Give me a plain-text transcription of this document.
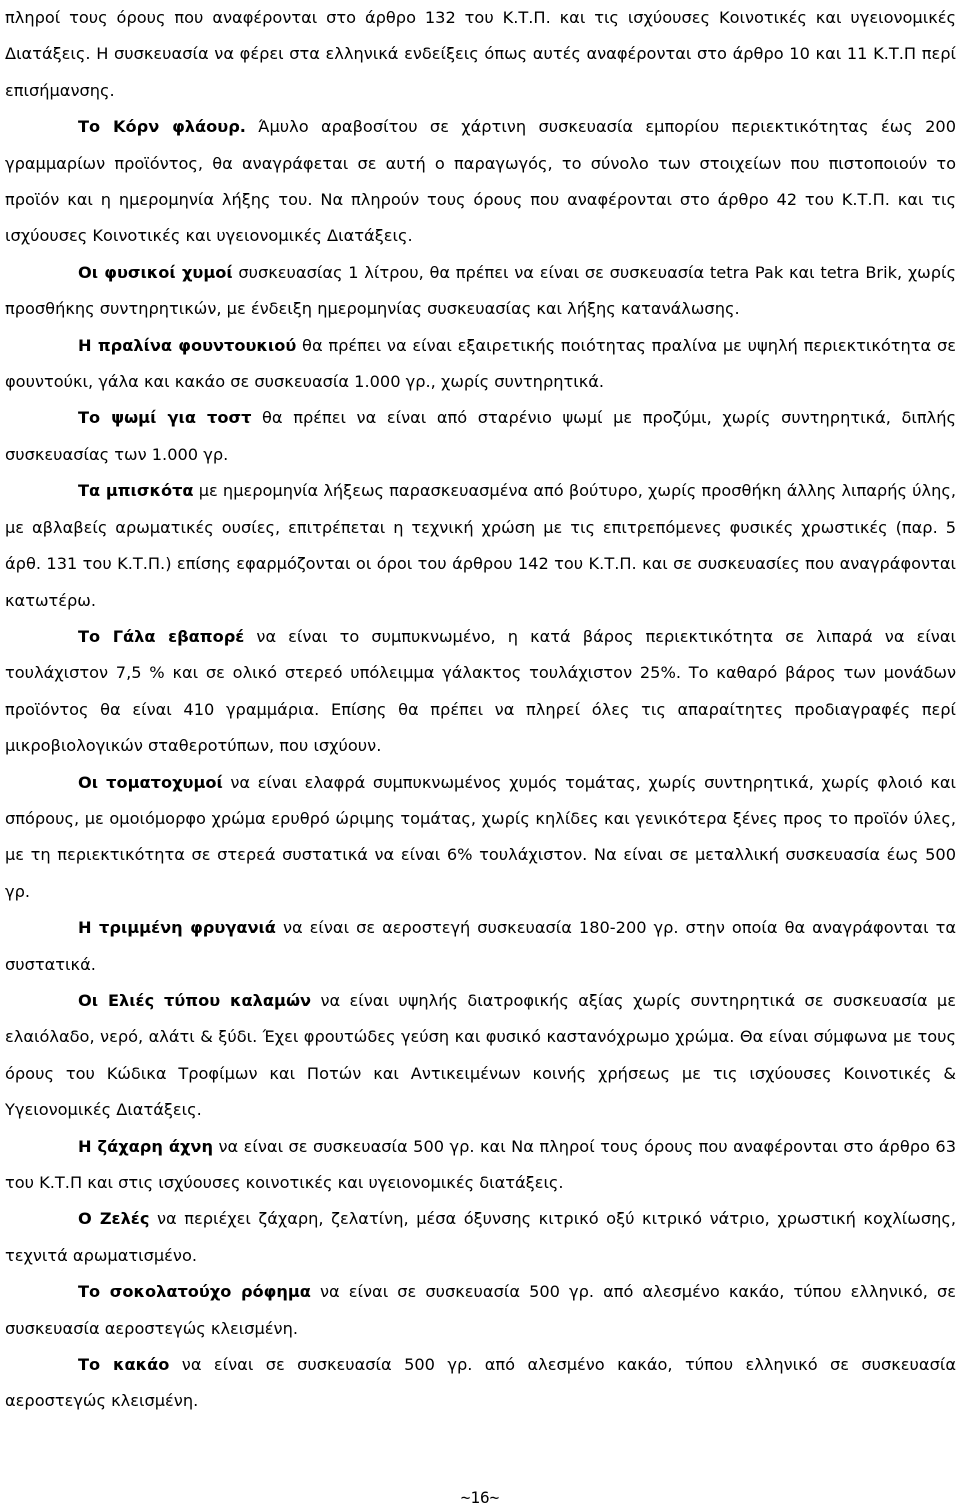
πληροί τους όρους που αναφέρονται στο άρθρο 132 του Κ.Τ.Π. και τις ισχύουσες Κοινοτικές και υγειονομικές Διατάξεις. Η συσκευασία να φέρει στα ελληνικά ενδείξεις όπως αυτές αναφέρονται στο άρθρο 10 και 11 Κ.Τ.Π περί επισήμανσης.

Το Κόρν φλάουρ. Άμυλο αραβοσίτου σε χάρτινη συσκευασία εμπορίου περιεκτικότητας έως 200 γραμμαρίων προϊόντος, θα αναγράφεται σε αυτή ο παραγωγός, το σύνολο των στοιχείων που πιστοποιούν το προϊόν και η ημερομηνία λήξης του. Να πληρούν τους όρους που αναφέρονται στο άρθρο 42 του Κ.Τ.Π. και τις ισχύουσες Κοινοτικές και υγειονομικές Διατάξεις.

Οι φυσικοί χυμοί συσκευασίας 1 λίτρου, θα πρέπει να είναι σε συσκευασία tetra Pak και tetra Brik, χωρίς προσθήκης συντηρητικών, με ένδειξη ημερομηνίας συσκευασίας και λήξης κατανάλωσης.

Η πραλίνα φουντουκιού θα πρέπει να είναι εξαιρετικής ποιότητας πραλίνα με υψηλή περιεκτικότητα σε φουντούκι, γάλα και κακάο σε συσκευασία 1.000 γρ., χωρίς συντηρητικά.

Το ψωμί για τοστ θα πρέπει να είναι από σταρένιο ψωμί με προζύμι, χωρίς συντηρητικά, διπλής συσκευασίας των 1.000 γρ.

Τα μπισκότα με ημερομηνία λήξεως παρασκευασμένα από βούτυρο, χωρίς προσθήκη άλλης λιπαρής ύλης, με αβλαβείς αρωματικές ουσίες, επιτρέπεται η τεχνική χρώση με τις επιτρεπόμενες φυσικές χρωστικές (παρ. 5 άρθ. 131 του Κ.Τ.Π.) επίσης εφαρμόζονται οι όροι του άρθρου 142 του Κ.Τ.Π. και σε συσκευασίες που αναγράφονται κατωτέρω.

Το Γάλα εβαπορέ να είναι το συμπυκνωμένο, η κατά βάρος περιεκτικότητα σε λιπαρά να είναι τουλάχιστον 7,5 % και σε ολικό στερεό υπόλειμμα γάλακτος τουλάχιστον 25%. Το καθαρό βάρος των μονάδων προϊόντος θα είναι 410 γραμμάρια. Επίσης θα πρέπει να πληρεί όλες τις απαραίτητες προδιαγραφές περί μικροβιολογικών σταθεροτύπων, που ισχύουν.

Οι τοματοχυμοί να είναι ελαφρά συμπυκνωμένος χυμός τομάτας, χωρίς συντηρητικά, χωρίς φλοιό και σπόρους, με ομοιόμορφο χρώμα ερυθρό ώριμης τομάτας, χωρίς κηλίδες και γενικότερα ξένες προς το προϊόν ύλες, με τη περιεκτικότητα σε στερεά συστατικά να είναι 6% τουλάχιστον. Να είναι σε μεταλλική συσκευασία έως 500 γρ.

Η τριμμένη φρυγανιά να είναι σε αεροστεγή συσκευασία 180-200 γρ. στην οποία θα αναγράφονται τα συστατικά.

Οι Ελιές τύπου καλαμών να είναι υψηλής διατροφικής αξίας χωρίς συντηρητικά σε συσκευασία με ελαιόλαδο, νερό, αλάτι & ξύδι. Έχει φρουτώδες γεύση και φυσικό καστανόχρωμο χρώμα. Θα είναι σύμφωνα με τους όρους του Κώδικα Τροφίμων και Ποτών και Αντικειμένων κοινής χρήσεως με τις ισχύουσες Κοινοτικές & Υγειονομικές Διατάξεις.

Η ζάχαρη άχνη να είναι σε συσκευασία 500 γρ. και Να πληροί τους όρους που αναφέρονται στο άρθρο 63 του Κ.Τ.Π και στις ισχύουσες κοινοτικές και υγειονομικές διατάξεις.

Ο Ζελές να περιέχει ζάχαρη, ζελατίνη, μέσα όξυνσης κιτρικό οξύ κιτρικό νάτριο, χρωστική κοχλίωσης, τεχνιτά αρωματισμένο.

Το σοκολατούχο ρόφημα να είναι σε συσκευασία 500 γρ. από αλεσμένο κακάο, τύπου ελληνικό, σε συσκευασία αεροστεγώς κλεισμένη.

Το κακάο να είναι σε συσκευασία 500 γρ. από αλεσμένο κακάο, τύπου ελληνικό σε συσκευασία αεροστεγώς κλεισμένη.

~16~
